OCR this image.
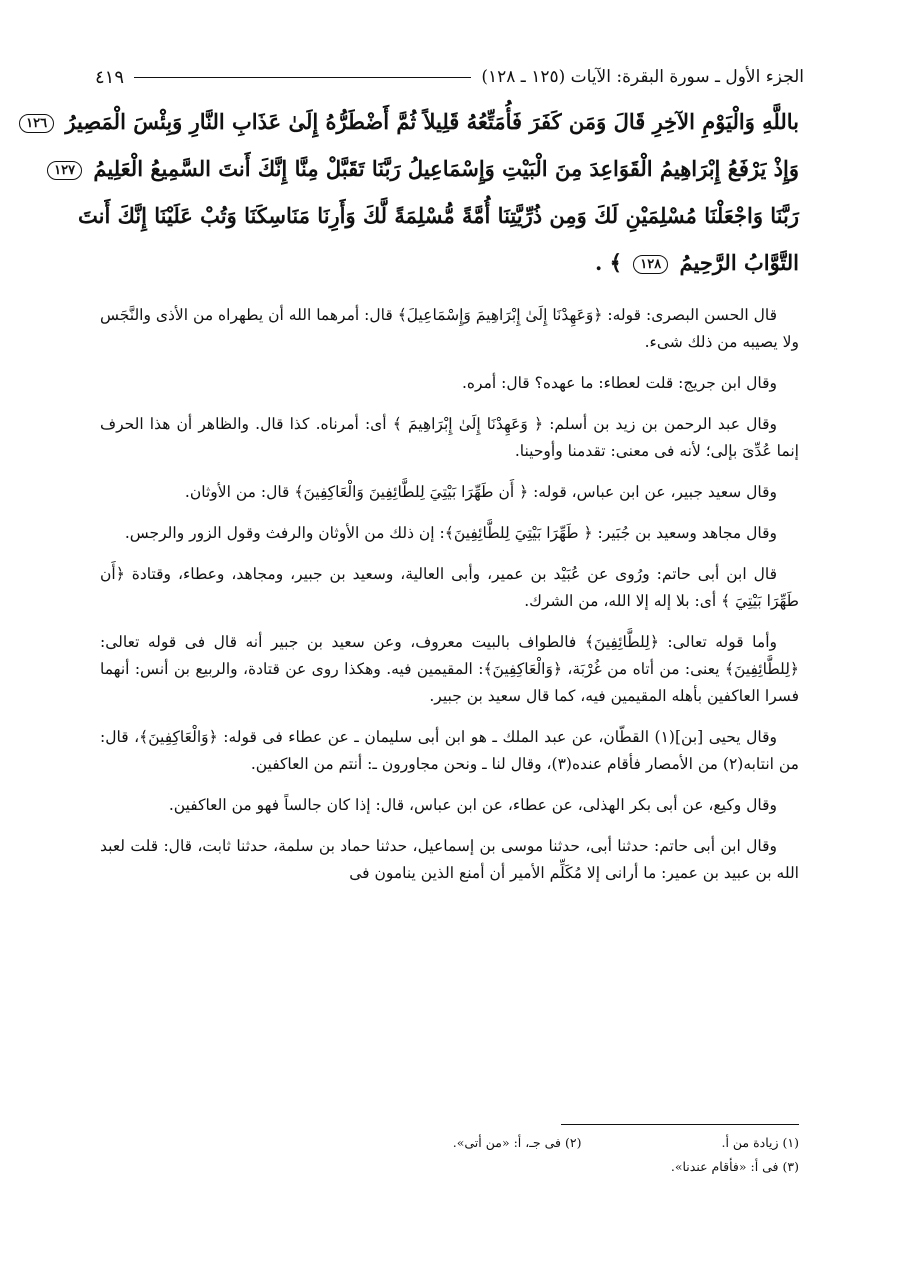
الجزء الأول ـ سورة البقرة: الآيات (١٢٥ ـ ١٢٨)
٤١٩
باللَّهِ وَالْيَوْمِ الآخِرِ قَالَ وَمَن كَفَرَ فَأُمَتِّعُهُ قَلِيلاً ثُمَّ أَضْطَرُّهُ إِلَىٰ عَذَابِ النَّارِ وَبِئْسَ الْمَصِيرُ ١٢٦
وَإِذْ يَرْفَعُ إِبْرَاهِيمُ الْقَوَاعِدَ مِنَ الْبَيْتِ وَإِسْمَاعِيلُ رَبَّنَا تَقَبَّلْ مِنَّا إِنَّكَ أَنتَ السَّمِيعُ الْعَلِيمُ ١٢٧
رَبَّنَا وَاجْعَلْنَا مُسْلِمَيْنِ لَكَ وَمِن ذُرِّيَّتِنَا أُمَّةً مُّسْلِمَةً لَّكَ وَأَرِنَا مَنَاسِكَنَا وَتُبْ عَلَيْنَا إِنَّكَ أَنتَ
التَّوَّابُ الرَّحِيمُ ١٢٨ ﴾ .

قال الحسن البصرى: قوله: ﴿وَعَهِدْنَا إِلَىٰ إِبْرَاهِيمَ وَإِسْمَاعِيلَ﴾ قال: أمرهما الله أن يطهراه من الأذى والنَّجَس ولا يصيبه من ذلك شىء.

وقال ابن جريج: قلت لعطاء: ما عهده؟ قال: أمره.

وقال عبد الرحمن بن زيد بن أسلم: ﴿ وَعَهِدْنَا إِلَىٰ إِبْرَاهِيمَ ﴾ أى: أمرناه. كذا قال. والظاهر أن هذا الحرف إنما عُدِّىَ بإلى؛ لأنه فى معنى: تقدمنا وأوحينا.

وقال سعيد جبير، عن ابن عباس، قوله: ﴿ أَن طَهِّرَا بَيْتِيَ لِلطَّائِفِينَ وَالْعَاكِفِينَ﴾ قال: من الأوثان.

وقال مجاهد وسعيد بن جُبَير: ﴿ طَهِّرَا بَيْتِيَ لِلطَّائِفِينَ﴾: إن ذلك من الأوثان والرفث وقول الزور والرجس.

قال ابن أبى حاتم: ورُوى عن عُبَيْد بن عمير، وأبى العالية، وسعيد بن جبير، ومجاهد، وعطاء، وقتادة ﴿أَن طَهِّرَا بَيْتِيَ ﴾ أى: بلا إله إلا الله، من الشرك.

وأما قوله تعالى: ﴿لِلطَّائِفِينَ﴾ فالطواف بالبيت معروف، وعن سعيد بن جبير أنه قال فى قوله تعالى: ﴿لِلطَّائِفِينَ﴾ يعنى: من أتاه من غُرْبَة، ﴿وَالْعَاكِفِينَ﴾: المقيمين فيه. وهكذا روى عن قتادة، والربيع بن أنس: أنهما فسرا العاكفين بأهله المقيمين فيه، كما قال سعيد بن جبير.

وقال يحيى [بن](١) القطّان، عن عبد الملك ـ هو ابن أبى سليمان ـ عن عطاء فى قوله: ﴿وَالْعَاكِفِينَ﴾، قال: من انتابه(٢) من الأمصار فأقام عنده(٣)، وقال لنا ـ ونحن مجاورون ـ: أنتم من العاكفين.

وقال وكيع، عن أبى بكر الهذلى، عن عطاء، عن ابن عباس، قال: إذا كان جالساً فهو من العاكفين.

وقال ابن أبى حاتم: حدثنا أبى، حدثنا موسى بن إسماعيل، حدثنا حماد بن سلمة، حدثنا ثابت، قال: قلت لعبد الله بن عبيد بن عمير: ما أرانى إلا مُكَلِّم الأمير أن أمنع الذين ينامون فى

(١) زيادة من أ.
(٢) فى جـ، أ: «من أتى».
(٣) فى أ: «فأقام عندنا».
